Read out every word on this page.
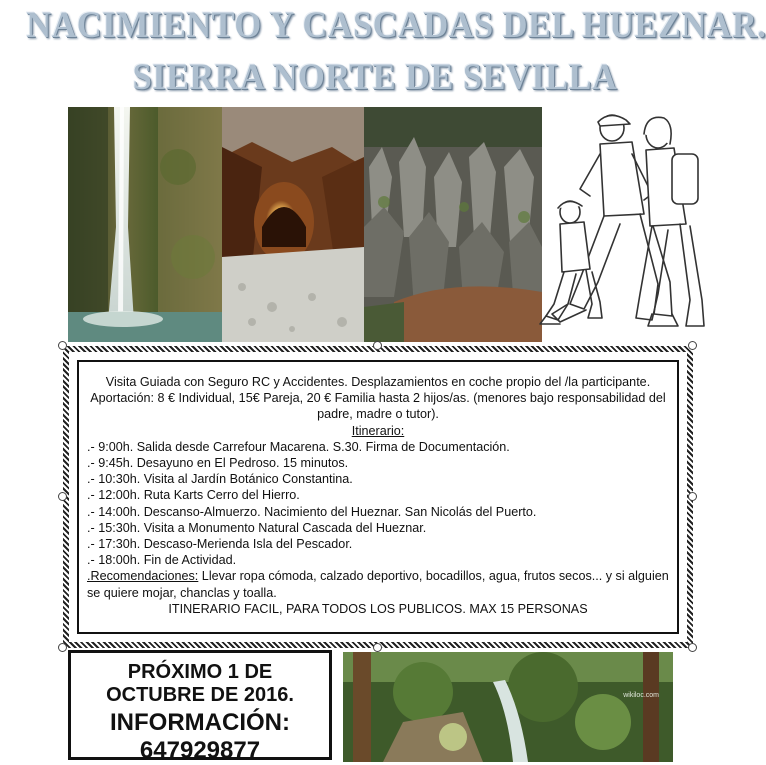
NACIMIENTO Y CASCADAS DEL HUEZNAR.
SIERRA NORTE DE SEVILLA
Visita Guiada con Seguro RC y Accidentes. Desplazamientos en coche propio del /la participante. Aportación: 8 € Individual, 15€ Pareja, 20 € Familia hasta 2 hijos/as. (menores bajo responsabilidad del padre, madre o tutor).
Itinerario:
.- 9:00h. Salida desde Carrefour Macarena. S.30. Firma de Documentación.
.- 9:45h. Desayuno en El Pedroso. 15 minutos.
.- 10:30h. Visita al Jardín Botánico Constantina.
.- 12:00h. Ruta Karts Cerro del Hierro.
.- 14:00h. Descanso-Almuerzo. Nacimiento del Hueznar. San Nicolás del Puerto.
.- 15:30h. Visita a Monumento Natural Cascada del Hueznar.
.- 17:30h. Descaso-Merienda Isla del Pescador.
.- 18:00h. Fin de Actividad.
.Recomendaciones: Llevar ropa cómoda, calzado deportivo, bocadillos, agua, frutos secos... y si alguien se quiere mojar, chanclas y toalla.
ITINERARIO FACIL, PARA TODOS LOS PUBLICOS. MAX 15 PERSONAS
PRÓXIMO 1 DE
OCTUBRE DE 2016.
INFORMACIÓN:
647929877
wikiloc.com
